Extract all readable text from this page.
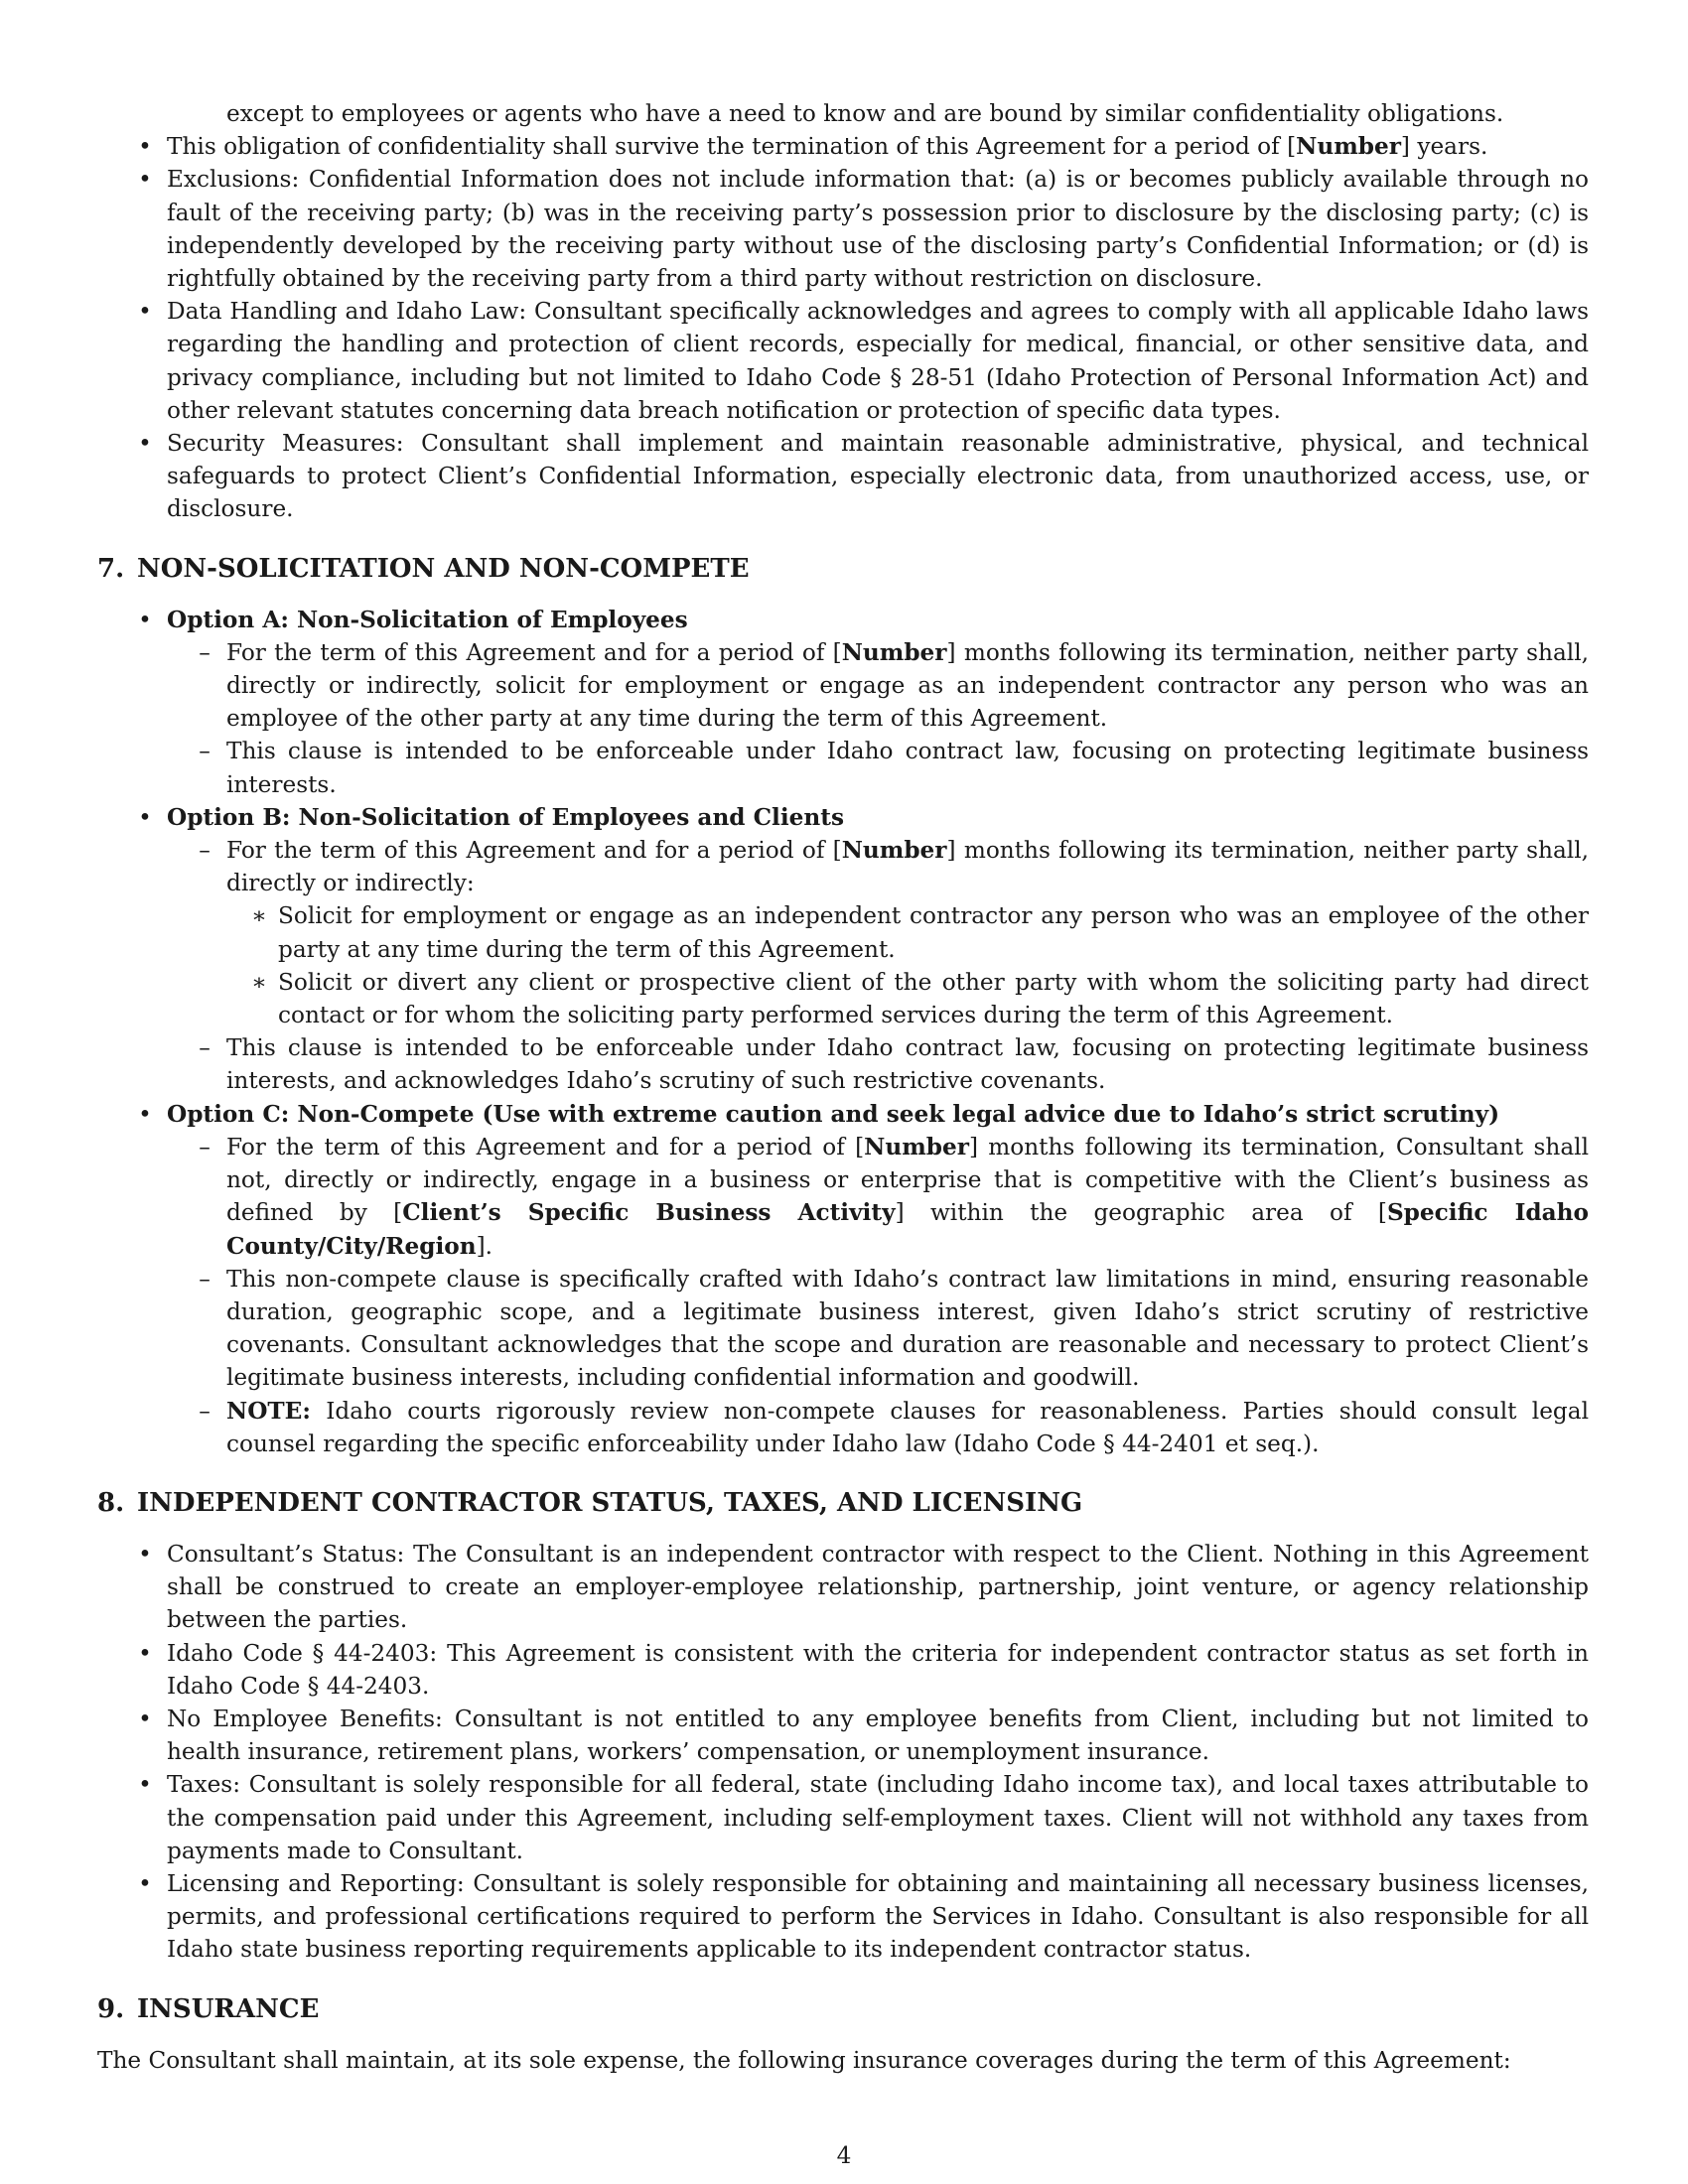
except to employees or agents who have a need to know and are bound by similar confidentiality obligations.

• This obligation of confidentiality shall survive the termination of this Agreement for a period of [Number] years.
• Exclusions: Confidential Information does not include information that: (a) is or becomes publicly available through no fault of the receiving party; (b) was in the receiving party’s possession prior to disclosure by the disclosing party; (c) is independently developed by the receiving party without use of the disclosing party’s Confidential Information; or (d) is rightfully obtained by the receiving party from a third party without restriction on disclosure.
• Data Handling and Idaho Law: Consultant specifically acknowledges and agrees to comply with all applicable Idaho laws regarding the handling and protection of client records, especially for medical, financial, or other sensitive data, and privacy compliance, including but not limited to Idaho Code § 28-51 (Idaho Protection of Personal Information Act) and other relevant statutes concerning data breach notification or protection of specific data types.
• Security Measures: Consultant shall implement and maintain reasonable administrative, physical, and technical safeguards to protect Client’s Confidential Information, especially electronic data, from unauthorized access, use, or disclosure.
7. NON-SOLICITATION AND NON-COMPETE
• Option A: Non-Solicitation of Employees
– For the term of this Agreement and for a period of [Number] months following its termination, neither party shall, directly or indirectly, solicit for employment or engage as an independent contractor any person who was an employee of the other party at any time during the term of this Agreement.
– This clause is intended to be enforceable under Idaho contract law, focusing on protecting legitimate business interests.
• Option B: Non-Solicitation of Employees and Clients
– For the term of this Agreement and for a period of [Number] months following its termination, neither party shall, directly or indirectly:
∗ Solicit for employment or engage as an independent contractor any person who was an employee of the other party at any time during the term of this Agreement.
∗ Solicit or divert any client or prospective client of the other party with whom the soliciting party had direct contact or for whom the soliciting party performed services during the term of this Agreement.
– This clause is intended to be enforceable under Idaho contract law, focusing on protecting legitimate business interests, and acknowledges Idaho’s scrutiny of such restrictive covenants.
• Option C: Non-Compete (Use with extreme caution and seek legal advice due to Idaho’s strict scrutiny)
– For the term of this Agreement and for a period of [Number] months following its termination, Consultant shall not, directly or indirectly, engage in a business or enterprise that is competitive with the Client’s business as defined by [Client’s Specific Business Activity] within the geographic area of [Specific Idaho County/City/Region].
– This non-compete clause is specifically crafted with Idaho’s contract law limitations in mind, ensuring reasonable duration, geographic scope, and a legitimate business interest, given Idaho’s strict scrutiny of restrictive covenants. Consultant acknowledges that the scope and duration are reasonable and necessary to protect Client’s legitimate business interests, including confidential information and goodwill.
– NOTE: Idaho courts rigorously review non-compete clauses for reasonableness. Parties should consult legal counsel regarding the specific enforceability under Idaho law (Idaho Code § 44-2401 et seq.).
8. INDEPENDENT CONTRACTOR STATUS, TAXES, AND LICENSING
• Consultant’s Status: The Consultant is an independent contractor with respect to the Client. Nothing in this Agreement shall be construed to create an employer-employee relationship, partnership, joint venture, or agency relationship between the parties.
• Idaho Code § 44-2403: This Agreement is consistent with the criteria for independent contractor status as set forth in Idaho Code § 44-2403.
• No Employee Benefits: Consultant is not entitled to any employee benefits from Client, including but not limited to health insurance, retirement plans, workers’ compensation, or unemployment insurance.
• Taxes: Consultant is solely responsible for all federal, state (including Idaho income tax), and local taxes attributable to the compensation paid under this Agreement, including self-employment taxes. Client will not withhold any taxes from payments made to Consultant.
• Licensing and Reporting: Consultant is solely responsible for obtaining and maintaining all necessary business licenses, permits, and professional certifications required to perform the Services in Idaho. Consultant is also responsible for all Idaho state business reporting requirements applicable to its independent contractor status.
9. INSURANCE

The Consultant shall maintain, at its sole expense, the following insurance coverages during the term of this Agreement:

4
